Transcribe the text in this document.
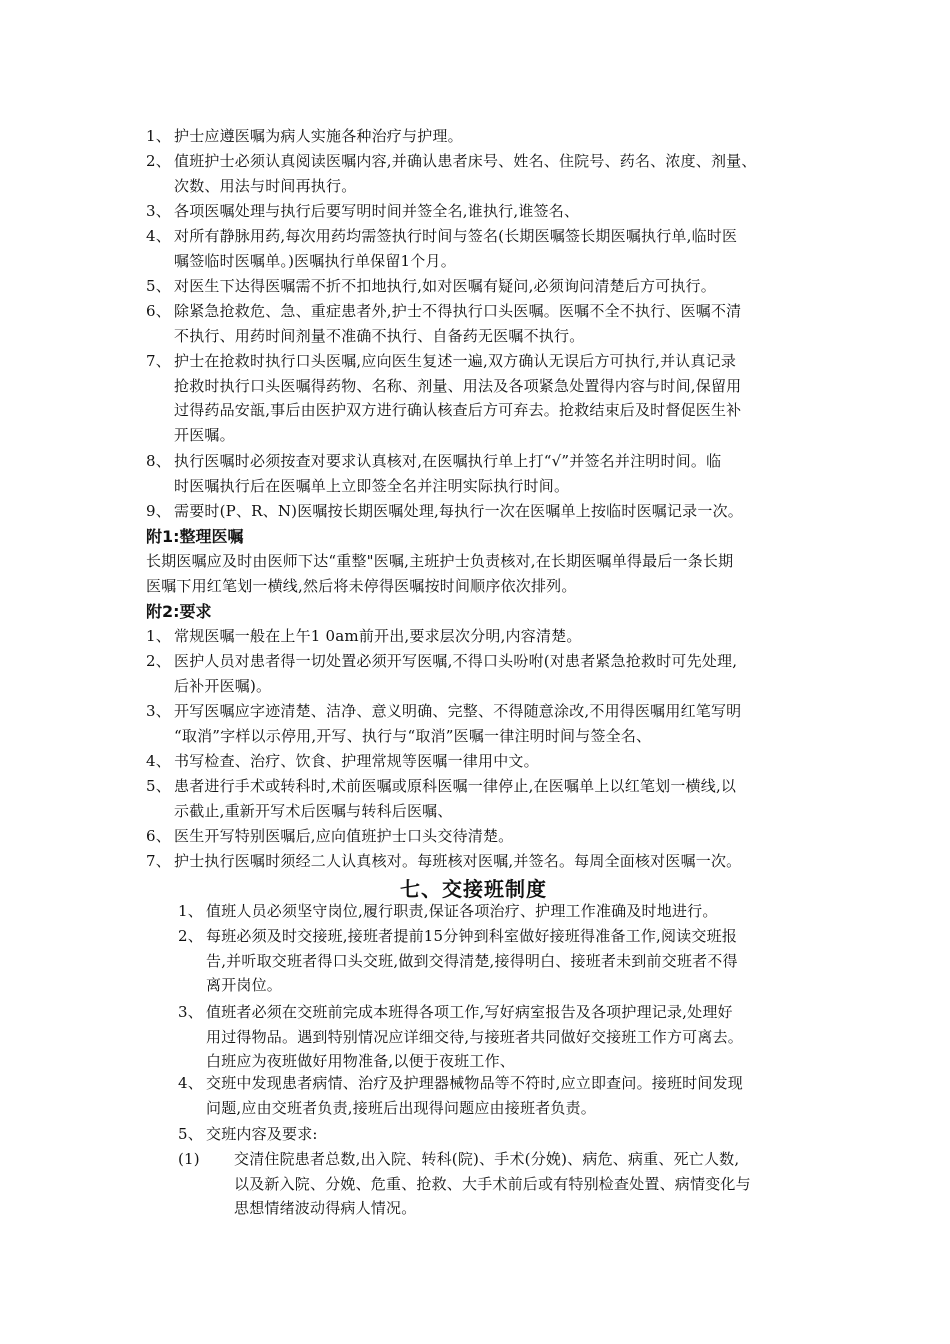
1、 护士应遵医嘱为病人实施各种治疗与护理。
2、 值班护士必须认真阅读医嘱内容,并确认患者床号、姓名、住院号、药名、浓度、剂量、
次数、用法与时间再执行。
3、 各项医嘱处理与执行后要写明时间并签全名,谁执行,谁签名、
4、 对所有静脉用药,每次用药均需签执行时间与签名(长期医嘱签长期医嘱执行单,临时医
嘱签临时医嘱单。)医嘱执行单保留1个月。
5、 对医生下达得医嘱需不折不扣地执行,如对医嘱有疑问,必须询问清楚后方可执行。
6、 除紧急抢救危、急、重症患者外,护士不得执行口头医嘱。医嘱不全不执行、医嘱不清
不执行、用药时间剂量不准确不执行、自备药无医嘱不执行。
7、 护士在抢救时执行口头医嘱,应向医生复述一遍,双方确认无误后方可执行,并认真记录
抢救时执行口头医嘱得药物、名称、剂量、用法及各项紧急处置得内容与时间,保留用
过得药品安瓿,事后由医护双方进行确认核查后方可弃去。抢救结束后及时督促医生补
开医嘱。
8、 执行医嘱时必须按查对要求认真核对,在医嘱执行单上打“√”并签名并注明时间。临
时医嘱执行后在医嘱单上立即签全名并注明实际执行时间。
9、 需要时(P、R、N)医嘱按长期医嘱处理,每执行一次在医嘱单上按临时医嘱记录一次。
附1:整理医嘱
长期医嘱应及时由医师下达“重整"医嘱,主班护士负责核对,在长期医嘱单得最后一条长期
医嘱下用红笔划一横线,然后将未停得医嘱按时间顺序依次排列。
附2:要求
1、 常规医嘱一般在上午1 0am前开出,要求层次分明,内容清楚。
2、 医护人员对患者得一切处置必须开写医嘱,不得口头吩咐(对患者紧急抢救时可先处理,
后补开医嘱)。
3、 开写医嘱应字迹清楚、洁净、意义明确、完整、不得随意涂改,不用得医嘱用红笔写明
“取消”字样以示停用,开写、执行与“取消”医嘱一律注明时间与签全名、
4、 书写检查、治疗、饮食、护理常规等医嘱一律用中文。
5、 患者进行手术或转科时,术前医嘱或原科医嘱一律停止,在医嘱单上以红笔划一横线,以
示截止,重新开写术后医嘱与转科后医嘱、
6、 医生开写特别医嘱后,应向值班护士口头交待清楚。
7、 护士执行医嘱时须经二人认真核对。每班核对医嘱,并签名。每周全面核对医嘱一次。
七、交接班制度
1、 值班人员必须坚守岗位,履行职责,保证各项治疗、护理工作准确及时地进行。
2、 每班必须及时交接班,接班者提前15分钟到科室做好接班得准备工作,阅读交班报
告,并听取交班者得口头交班,做到交得清楚,接得明白、接班者未到前交班者不得
离开岗位。
3、 值班者必须在交班前完成本班得各项工作,写好病室报告及各项护理记录,处理好
用过得物品。遇到特别情况应详细交待,与接班者共同做好交接班工作方可离去。
白班应为夜班做好用物准备,以便于夜班工作、
4、 交班中发现患者病情、治疗及护理器械物品等不符时,应立即查问。接班时间发现
问题,应由交班者负责,接班后出现得问题应由接班者负责。
5、 交班内容及要求:
(1) 交清住院患者总数,出入院、转科(院)、手术(分娩)、病危、病重、死亡人数,
以及新入院、分娩、危重、抢救、大手术前后或有特别检查处置、病情变化与
思想情绪波动得病人情况。
